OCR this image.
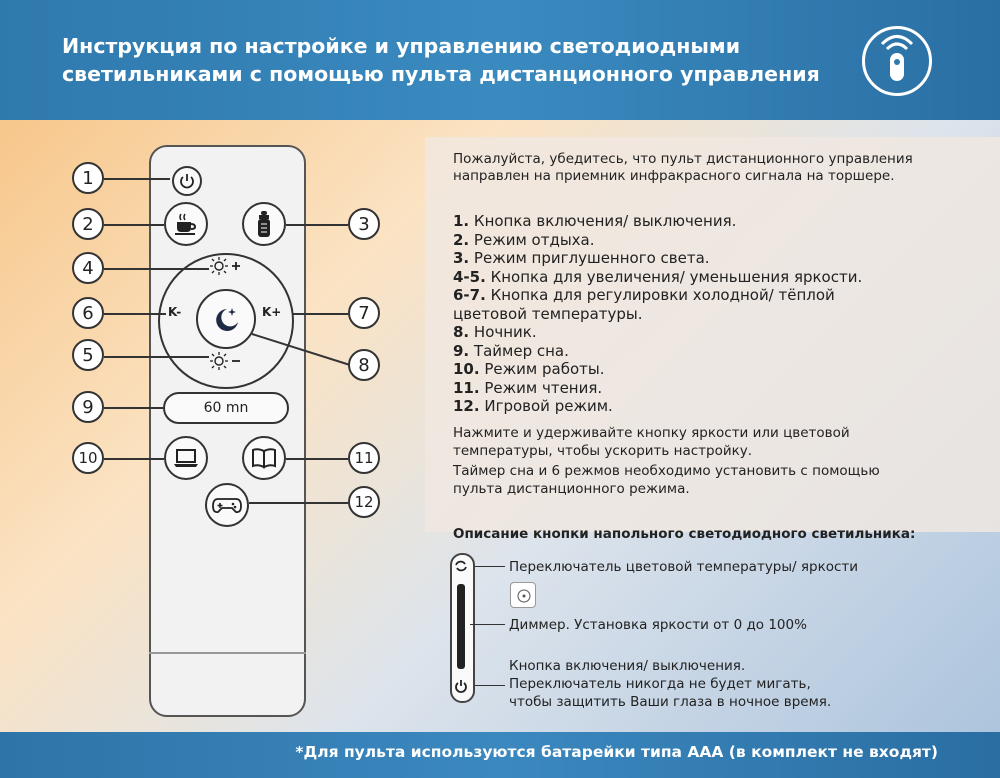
Инструкция по настройке и управлению светодиодными
светильниками с помощью пульта дистанционного управления
K-	K+
60 mn
1
2	3
4
5
6	7
8
9
10	11
12
Пожалуйста, убедитесь, что пульт дистанционного управления направлен на приемник инфракрасного сигнала на торшере.
1. Кнопка включения/ выключения.
2. Режим отдыха.
3. Режим приглушенного света.
4-5. Кнопка для увеличения/ уменьшения яркости.
6-7. Кнопка для регулировки холодной/ тёплой цветовой температуры.
8. Ночник.
9. Таймер сна.
10. Режим работы.
11. Режим чтения.
12. Игровой режим.
Нажмите и удерживайте кнопку яркости или цветовой температуры, чтобы ускорить настройку.
Таймер сна и 6 режмов необходимо установить с помощью пульта дистанционного режима.
Описание кнопки напольного светодиодного светильника:
Переключатель цветовой температуры/ яркости
Диммер. Установка яркости от 0 до 100%
Кнопка включения/ выключения.
Переключатель никогда не будет мигать,
чтобы защитить Ваши глаза в ночное время.
*Для пульта используются батарейки типа AAA (в комплект не входят)
